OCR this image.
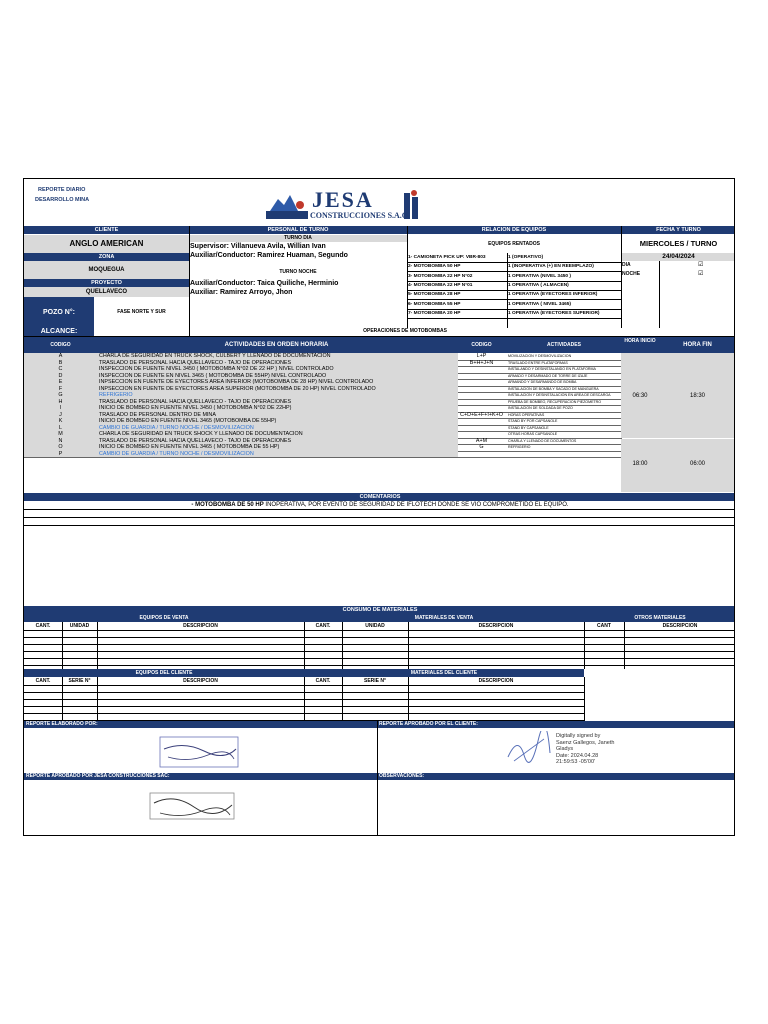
REPORTE DIARIO
DESARROLLO MINA	JESA
CONSTRUCCIONES S.A.C.
CLIENTE	PERSONAL DE TURNO	RELACION DE EQUIPOS	FECHA Y TURNO
ANGLO AMERICAN
ZONA
MOQUEGUA
PROYECTO
QUELLAVECO
POZO N°:	FASE NORTE Y SUR
ALCANCE:
TURNO DIA
Supervisor: Villanueva Avila, Willian Ivan
Auxiliar/Conductor: Ramirez Huaman, Segundo
TURNO NOCHE
Auxiliar/Conductor: Taica Quiliche, Herminio
Auxiliar: Ramirez Arroyo, Jhon
EQUIPOS RENTADOS
1- CAMIONETA PICK UP: VBR-803	1 (OPERATIVO)
2- MOTOBOMBA 50 HP	1 (INOPERATIVA (+) EN REEMPLAZO)
3- MOTOBOMBA 22 HP N°02	1 OPERATIVA (NIVEL 3450 )
4- MOTOBOMBA 22 HP N°01	1 OPERATIVA ( ALMACEN)
5- MOTOBOMBA 28 HP	1 OPERATIVA (EYECTORES INFERIOR)
6- MOTOBOMBA 55 HP	1 OPERATIVA ( NIVEL 3465)
7- MOTOBOMBA 20 HP	1 OPERATIVA (EYECTORES SUPERIOR)
MIERCOLES / TURNO
24/04/2024
DIA	☑
NOCHE	☑
OPERACIONES DE MOTOBOMBAS
CODIGO	ACTIVIDADES EN ORDEN HORARIA	CODIGO	ACTIVIDADES
HORA INICIO
HORA FIN
A	CHARLA DE SEGURIDAD EN TRUCK SHOCK, CULBERT Y LLENADO DE DOCUMENTACION	L+P	MOVILIZACION Y DESMOVILIZACION
B	TRASLADO DE PERSONAL HACIA QUELLAVECO - TAJO DE OPERACIONES	B+H+J+N	TRASLADO ENTRE PLATAFORMAS
C	INSPECCION DE FUENTE NIVEL 3450 ( MOTOBOMBA N°02 DE 22 HP ) NIVEL CONTROLADO	INSTALANDO Y DESINSTALANDO EN PLATAFORMA
D	INSPECCION DE FUENTE EN NIVEL 3465 ( MOTOBOMBA DE 55HP) NIVEL CONTROLADO	ARMADO Y DESARMADO DE TORRE DE IZAJE
E	INPSECCION EN FUENTE DE EYECTORES AREA INFERIOR (MOTOBOMBA DE 28 HP) NIVEL CONTROLADO	ARMANDO Y DESARMANDO DE BOMBA
F	INPSECCION EN FUENTE DE EYECTORES AREA SUPERIOR (MOTOBOMBA DE 20 HP) NIVEL CONTROLADO	INSTALACION DE BOMBA Y SACADO DE MANGUERA
G	REFRIGERIO	INSTALACION Y DESINSTALACION EN AREA DE DESCARGA
H	TRASLADO DE PERSONAL HACIA QUELLAVECO - TAJO DE OPERACIONES	PRUEBA DE BOMBEO, RECUPERACION PIEZOMETRO
I	INICIO DE BOMBEO EN FUENTE NIVEL 3450 ( MOTOBOMBA N°02 DE 22HP)	INSTALACION DE SOLDADA DE POZO
J	TRASLADO DE PERSONAL DENTRO DE MINA	C+D+E+F+I+K+O	HORAS OPERATIVAS
K	INICIO DE BOMBEO EN FUENTE NIVEL 3465 (MOTOBOMBA DE 55HP)	STAND BY POR CAPSANOLE
L	CAMBIO DE GUARDIA / TURNO NOCHE / DESMOVILIZACION	STAND BY CAPSANOLE
M	CHARLA DE SEGURIDAD EN TRUCK SHOCK Y LLENADO DE DOCUMENTACION	OTRAS HORAS CAPSANOLE
N	TRASLADO DE PERSONAL HACIA QUELLAVECO - TAJO DE OPERACIONES	A+M	CHARLA Y LLENADO DE DOCUMENTOS
O	INICIO DE BOMBEO EN FUENTE NIVEL 3465 ( MOTOBOMBA DE 55 HP)	G	REFRIGERIO
P	CAMBIO DE GUARDIA / TURNO NOCHE / DESMOVILIZACION
06:30	18:30
18:00	06:00
COMENTARIOS
- MOTOBOMBA DE 50 HP INOPERATIVA, POR EVENTO DE SEGURIDAD DE IFLOTECH DONDE SE VIO COMPROMETIDO EL EQUIPO.
CONSUMO DE MATERIALES
EQUIPOS DE VENTA	MATERIALES DE VENTA	OTROS MATERIALES
CANT.	UNIDAD	DESCRIPCION	CANT.	UNIDAD	DESCRIPCION	CANT	DESCRIPCION
EQUIPOS DEL CLIENTE	MATERIALES DEL CLIENTE
CANT.	SERIE N°	DESCRIPCION	CANT.	SERIE N°	DESCRIPCION
REPORTE ELABORADO POR:	REPORTE APROBADO POR EL CLIENTE:
REPORTE APROBADO POR JESA CONSTRUCCIONES SAC:	OBSERVACIONES:
Digitally signed by
Saenz Gallegos, Janeth
Gladys
Date: 2024.04.28
21:59:53 -05'00'
